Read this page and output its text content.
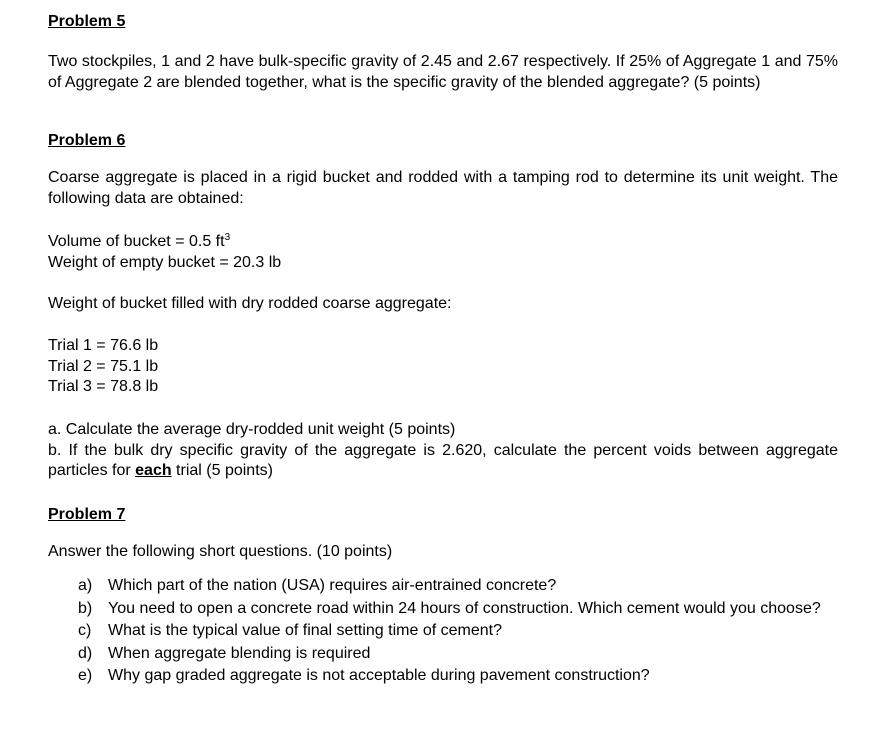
Problem 5
Two stockpiles, 1 and 2 have bulk-specific gravity of 2.45 and 2.67 respectively. If 25% of Aggregate 1 and 75% of Aggregate 2 are blended together, what is the specific gravity of the blended aggregate? (5 points)
Problem 6
Coarse aggregate is placed in a rigid bucket and rodded with a tamping rod to determine its unit weight. The following data are obtained:
Volume of bucket = 0.5 $ft^3$
Weight of empty bucket = 20.3 lb
Weight of bucket filled with dry rodded coarse aggregate:
Trial 1 = 76.6 lb
Trial 2 = 75.1 lb
Trial 3 = 78.8 lb
a. Calculate the average dry-rodded unit weight (5 points)
b. If the bulk dry specific gravity of the aggregate is 2.620, calculate the percent voids between aggregate particles for each trial (5 points)
Problem 7
Answer the following short questions. (10 points)
a) Which part of the nation (USA) requires air-entrained concrete?
b) You need to open a concrete road within 24 hours of construction. Which cement would you choose?
c)	What is the typical value of final setting time of cement?
d) When aggregate blending is required
e) Why gap graded aggregate is not acceptable during pavement construction?
